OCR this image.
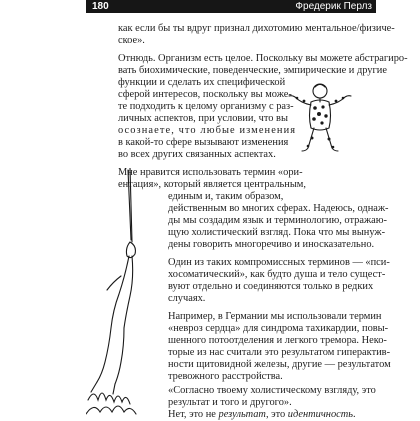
180	Фредерик Перлз
как если бы ты вдруг признал дихотомию ментальное/физиче-
ское».
Отнюдь. Организм есть целое. Поскольку вы можете абстрагиро-
вать биохимические, поведенческие, эмпирические и другие
функции и сделать их специфической
сферой интересов, поскольку вы може-
те подходить к целому организму с раз-
личных аспектов, при условии, что вы
осознаете, что любые изменения
в какой-то сфере вызывают изменения
во всех других связанных аспектах.
Мне нравится использовать термин «ори-
ентация», который является центральным,
единым и, таким образом,
действенным во многих сферах. Надеюсь, однаж-
ды мы создадим язык и терминологию, отражаю-
щую холистический взгляд. Пока что мы вынуж-
дены говорить многоречиво и иносказательно.
Один из таких компромиссных терминов — «пси-
хосоматический», как будто душа и тело сущест-
вуют отдельно и соединяются только в редких
случаях.
Например, в Германии мы использовали термин
«невроз сердца» для синдрома тахикардии, повы-
шенного потоотделения и легкого тремора. Неко-
торые из нас считали это результатом гиперактив-
ности щитовидной железы, другие — результатом
тревожного расстройства.
«Согласно твоему холистическому взгляду, это
результат и того и другого».
Нет, это не результат, это идентичность.
